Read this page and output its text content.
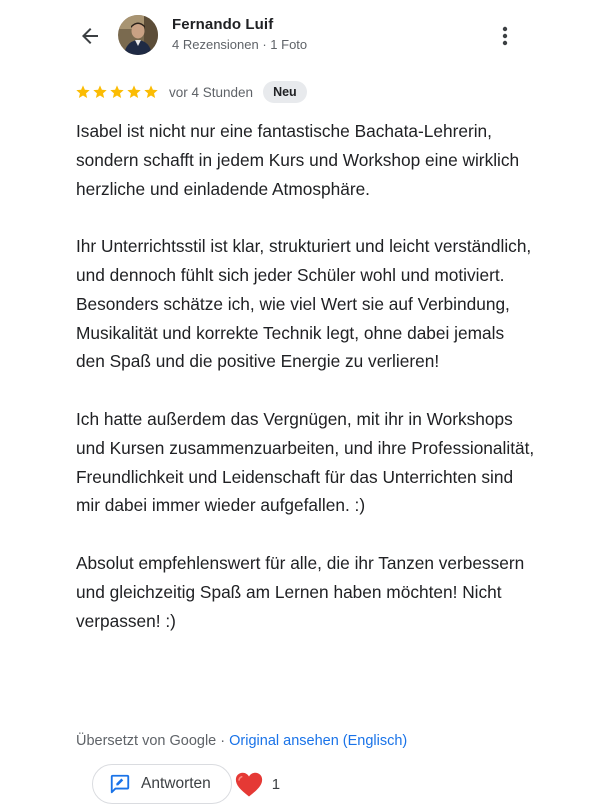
Fernando Luif
4 Rezensionen · 1 Foto
vor 4 Stunden	Neu

Isabel ist nicht nur eine fantastische Bachata-Lehrerin, sondern schafft in jedem Kurs und Workshop eine wirklich herzliche und einladende Atmosphäre.

Ihr Unterrichtsstil ist klar, strukturiert und leicht verständlich, und dennoch fühlt sich jeder Schüler wohl und motiviert. Besonders schätze ich, wie viel Wert sie auf Verbindung, Musikalität und korrekte Technik legt, ohne dabei jemals den Spaß und die positive Energie zu verlieren!

Ich hatte außerdem das Vergnügen, mit ihr in Workshops und Kursen zusammenzuarbeiten, und ihre Professionalität, Freundlichkeit und Leidenschaft für das Unterrichten sind mir dabei immer wieder aufgefallen. :)

Absolut empfehlenswert für alle, die ihr Tanzen verbessern und gleichzeitig Spaß am Lernen haben möchten! Nicht verpassen! :)

Übersetzt von Google · Original ansehen (Englisch)
Antworten	1
